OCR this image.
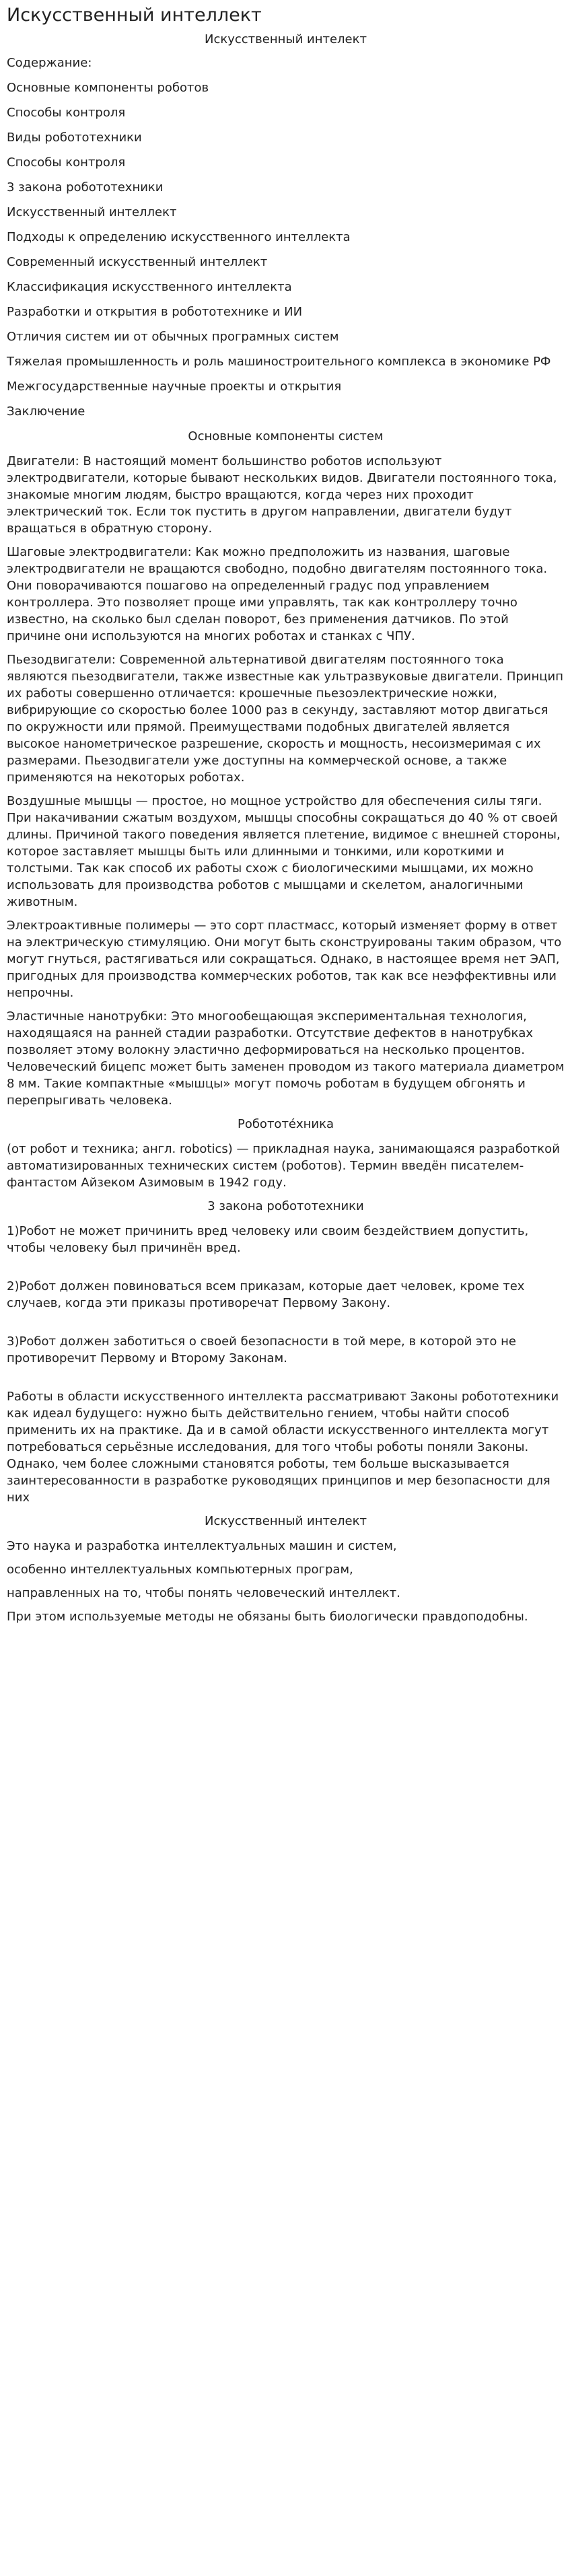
Искусственный интеллект

Искусственный интелект

Содержание:

Основные компоненты роботов

Способы контроля

Виды робототехники

Способы контроля

3 закона робототехники

Искусственный интеллект

Подходы к определению искусственного интеллекта

Современный искусственный интеллект

Классификация искусственного интеллекта

Разработки и открытия в робототехнике и ИИ

Отличия систем ии от обычных програмных систем

Тяжелая промышленность и роль машиностроительного комплекса в экономике РФ

Межгосударственные научные проекты и открытия

Заключение

Основные компоненты систем

Двигатели: В настоящий момент большинство роботов используют электродвигатели, которые бывают нескольких видов. Двигатели постоянного тока, знакомые многим людям, быстро вращаются, когда через них проходит электрический ток. Если ток пустить в другом направлении, двигатели будут вращаться в обратную сторону.

Шаговые электродвигатели: Как можно предположить из названия, шаговые электродвигатели не вращаются свободно, подобно двигателям постоянного тока. Они поворачиваются пошагово на определенный градус под управлением контроллера. Это позволяет проще ими управлять, так как контроллеру точно известно, на сколько был сделан поворот, без применения датчиков. По этой причине они используются на многих роботах и станках с ЧПУ.

Пьезодвигатели: Современной альтернативой двигателям постоянного тока являются пьезодвигатели, также известные как ультразвуковые двигатели. Принцип их работы совершенно отличается: крошечные пьезоэлектрические ножки, вибрирующие со скоростью более 1000 раз в секунду, заставляют мотор двигаться по окружности или прямой. Преимуществами подобных двигателей является высокое нанометрическое разрешение, скорость и мощность, несоизмеримая с их размерами. Пьезодвигатели уже доступны на коммерческой основе, а также применяются на некоторых роботах.

Воздушные мышцы — простое, но мощное устройство для обеспечения силы тяги. При накачивании сжатым воздухом, мышцы способны сокращаться до 40 % от своей длины. Причиной такого поведения является плетение, видимое с внешней стороны, которое заставляет мышцы быть или длинными и тонкими, или короткими и толстыми. Так как способ их работы схож с биологическими мышцами, их можно использовать для производства роботов с мышцами и скелетом, аналогичными животным.

Электроактивные полимеры — это сорт пластмасс, который изменяет форму в ответ на электрическую стимуляцию. Они могут быть сконструированы таким образом, что могут гнуться, растягиваться или сокращаться. Однако, в настоящее время нет ЭАП, пригодных для производства коммерческих роботов, так как все неэффективны или непрочны.

Эластичные нанотрубки: Это многообещающая экспериментальная технология, находящаяся на ранней стадии разработки. Отсутствие дефектов в нанотрубках позволяет этому волокну эластично деформироваться на несколько процентов. Человеческий бицепс может быть заменен проводом из такого материала диаметром 8 мм. Такие компактные «мышцы» могут помочь роботам в будущем обгонять и перепрыгивать человека.

Робототе́хника

(от робот и техника; англ. robotics) — прикладная наука, занимающаяся разработкой автоматизированных технических систем (роботов). Термин введён писателем-фантастом Айзеком Азимовым в 1942 году.

3 закона робототехники

1)Робот не может причинить вред человеку или своим бездействием допустить, чтобы человеку был причинён вред.

2)Робот должен повиноваться всем приказам, которые дает человек, кроме тех случаев, когда эти приказы противоречат Первому Закону.

3)Робот должен заботиться о своей безопасности в той мере, в которой это не противоречит Первому и Второму Законам.

Работы в области искусственного интеллекта рассматривают Законы робототехники как идеал будущего: нужно быть действительно гением, чтобы найти способ применить их на практике. Да и в самой области искусственного интеллекта могут потребоваться серьёзные исследования, для того чтобы роботы поняли Законы. Однако, чем более сложными становятся роботы, тем больше высказывается заинтересованности в разработке руководящих принципов и мер безопасности для них

Искусственный интелект

Это наука и разработка интеллектуальных машин и систем,

особенно интеллектуальных компьютерных програм,

направленных на то, чтобы понять человеческий интеллект.

При этом используемые методы не обязаны быть биологически правдоподобны.
